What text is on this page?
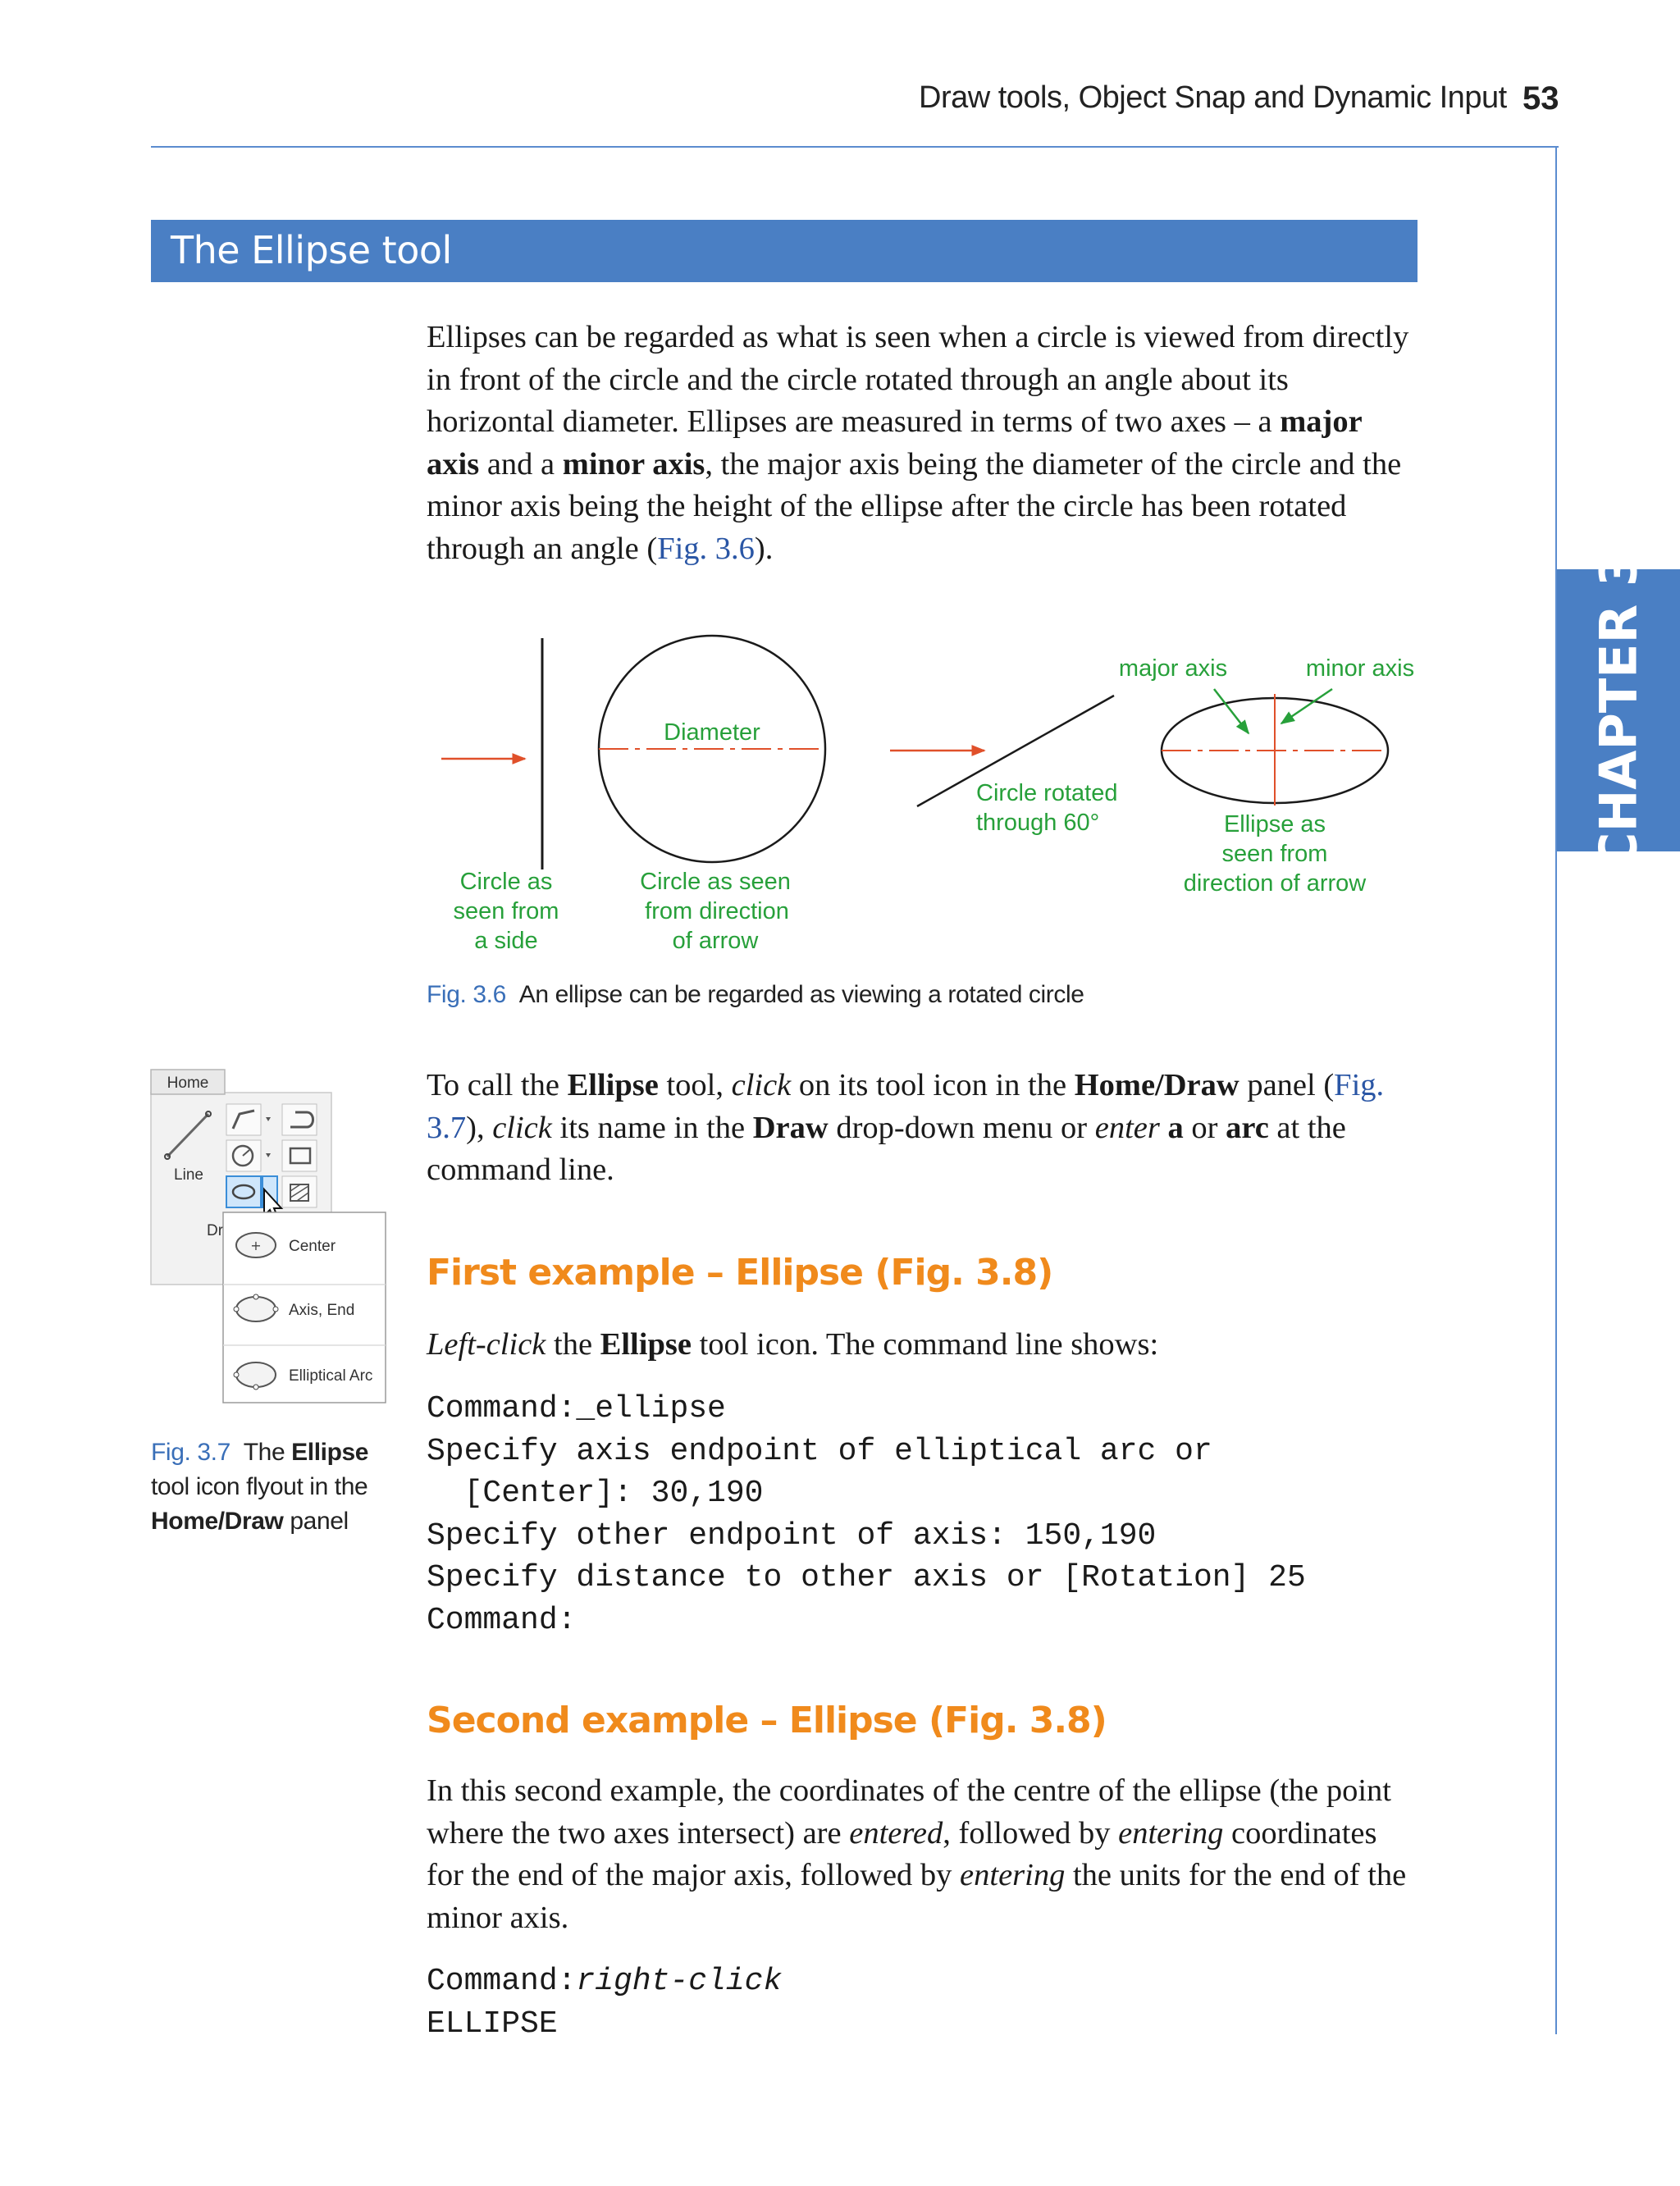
Draw tools, Object Snap and Dynamic Input 53
The Ellipse tool
CHAPTER 3
Ellipses can be regarded as what is seen when a circle is viewed from directly in front of the circle and the circle rotated through an angle about its horizontal diameter. Ellipses are measured in terms of two axes – a major axis and a minor axis, the major axis being the diameter of the circle and the minor axis being the height of the ellipse after the circle has been rotated through an angle (Fig. 3.6).
Diameter
Circle rotated
through 60°
major axis	minor axis
Ellipse as
seen from
direction of arrow
Circle as
seen from
a side
Circle as seen
from direction
of arrow
Fig. 3.6 An ellipse can be regarded as viewing a rotated circle
Home
Line
Dr
+ Center
Axis, End
Elliptical Arc
Fig. 3.7 The Ellipse
tool icon flyout in the
Home/Draw panel
To call the Ellipse tool, click on its tool icon in the Home/Draw panel (Fig. 3.7), click its name in the Draw drop-down menu or enter a or arc at the command line.
First example – Ellipse (Fig. 3.8)
Left-click the Ellipse tool icon. The command line shows:
Command:_ellipse
Specify axis endpoint of elliptical arc or
[Center]: 30,190
Specify other endpoint of axis: 150,190
Specify distance to other axis or [Rotation] 25
Command:
Second example – Ellipse (Fig. 3.8)
In this second example, the coordinates of the centre of the ellipse (the point where the two axes intersect) are entered, followed by entering coordinates for the end of the major axis, followed by entering the units for the end of the minor axis.
Command:right-click
ELLIPSE
